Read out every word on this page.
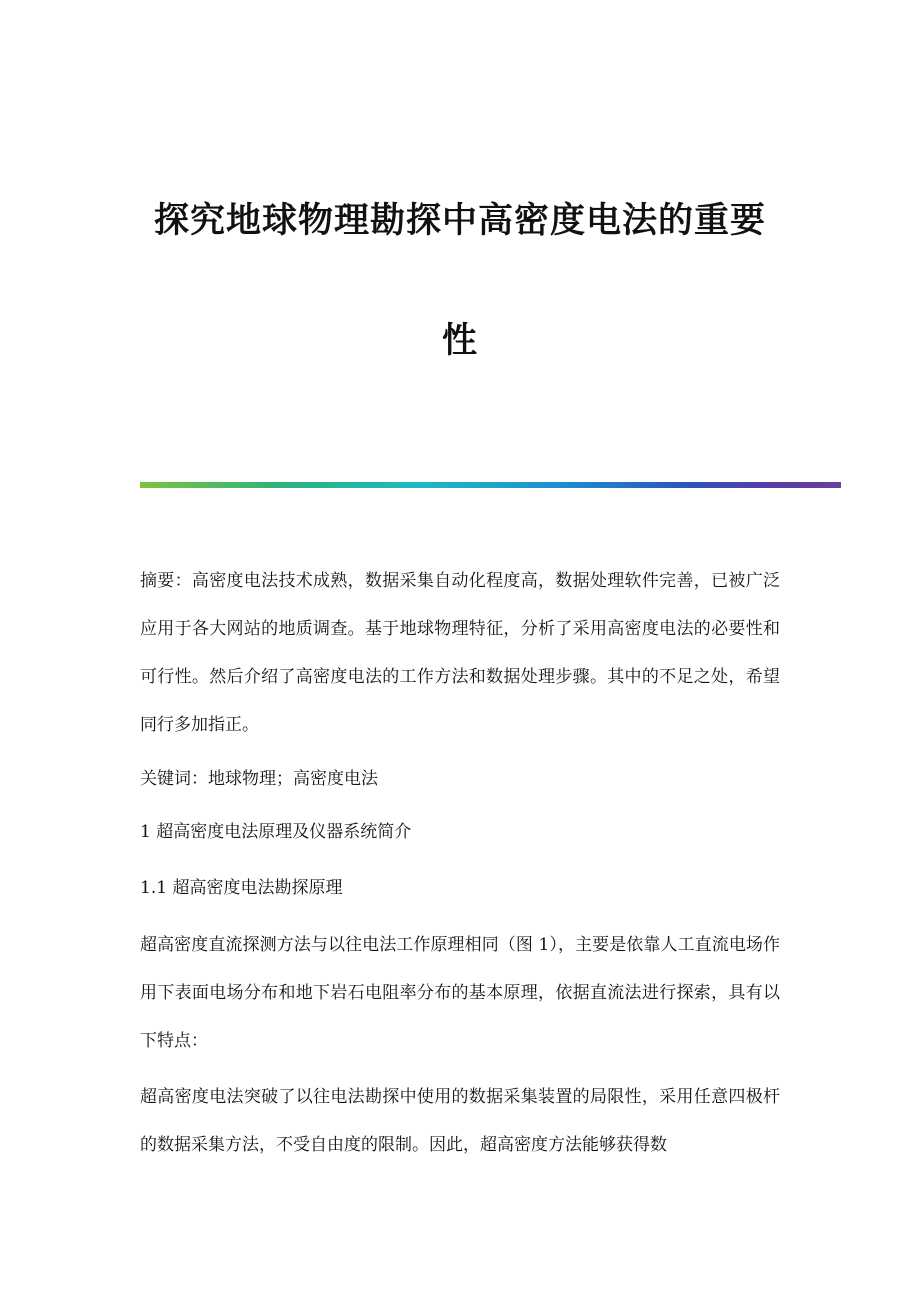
探究地球物理勘探中高密度电法的重要
性

摘要：高密度电法技术成熟，数据采集自动化程度高，数据处理软件完善，已被广泛应用于各大网站的地质调查。基于地球物理特征，分析了采用高密度电法的必要性和可行性。然后介绍了高密度电法的工作方法和数据处理步骤。其中的不足之处，希望同行多加指正。

关键词：地球物理；高密度电法

1 超高密度电法原理及仪器系统简介

1.1 超高密度电法勘探原理

超高密度直流探测方法与以往电法工作原理相同（图 1），主要是依靠人工直流电场作用下表面电场分布和地下岩石电阻率分布的基本原理，依据直流法进行探索，具有以下特点：

超高密度电法突破了以往电法勘探中使用的数据采集装置的局限性，采用任意四极杆的数据采集方法，不受自由度的限制。因此，超高密度方法能够获得数
